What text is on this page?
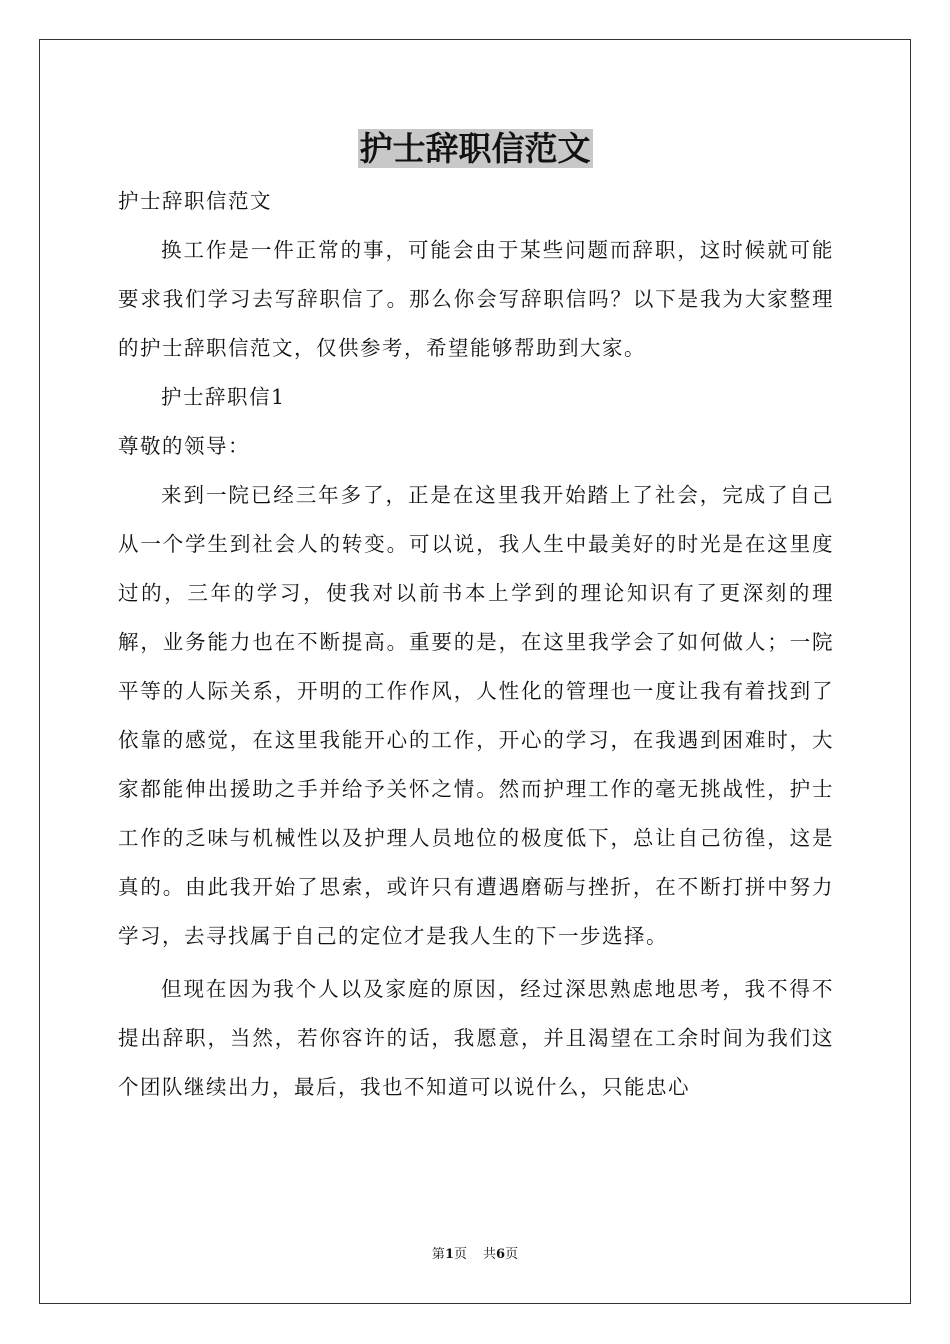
护士辞职信范文

护士辞职信范文

换工作是一件正常的事，可能会由于某些问题而辞职，这时候就可能要求我们学习去写辞职信了。那么你会写辞职信吗？以下是我为大家整理的护士辞职信范文，仅供参考，希望能够帮助到大家。

护士辞职信1

尊敬的领导：

来到一院已经三年多了，正是在这里我开始踏上了社会，完成了自己从一个学生到社会人的转变。可以说，我人生中最美好的时光是在这里度过的，三年的学习，使我对以前书本上学到的理论知识有了更深刻的理解，业务能力也在不断提高。重要的是，在这里我学会了如何做人；一院平等的人际关系，开明的工作作风，人性化的管理也一度让我有着找到了依靠的感觉，在这里我能开心的工作，开心的学习，在我遇到困难时，大家都能伸出援助之手并给予关怀之情。然而护理工作的毫无挑战性，护士工作的乏味与机械性以及护理人员地位的极度低下，总让自己彷徨，这是真的。由此我开始了思索，或许只有遭遇磨砺与挫折，在不断打拼中努力学习，去寻找属于自己的定位才是我人生的下一步选择。

但现在因为我个人以及家庭的原因，经过深思熟虑地思考，我不得不提出辞职，当然，若你容许的话，我愿意，并且渴望在工余时间为我们这个团队继续出力，最后，我也不知道可以说什么，只能忠心

第1页 共6页
